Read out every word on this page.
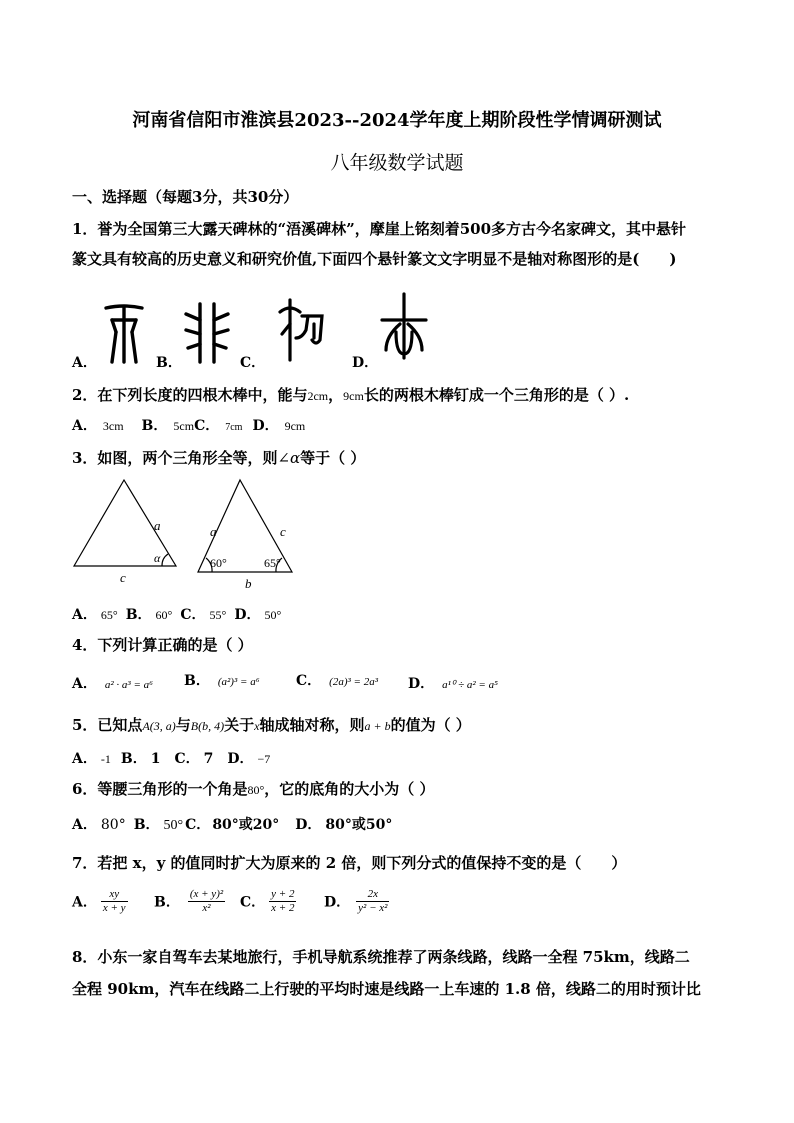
河南省信阳市淮滨县2023--2024学年度上期阶段性学情调研测试
八年级数学试题
一、选择题（每题3分，共30分）
1．誉为全国第三大露天碑林的“浯溪碑林”，摩崖上铭刻着500多方古今名家碑文，其中悬针
篆文具有较高的历史意义和研究价值,下面四个悬针篆文文字明显不是轴对称图形的是(　　)
A．	B．	C．	D．
2．在下列长度的四根木棒中，能与2cm，9cm长的两根木棒钉成一个三角形的是（ ）.
A． 3cm B． 5cmC． 7cm D． 9cm
3．如图，两个三角形全等，则∠α等于（ ）
a
α
c
a	c
60°	65°
b
A． 65° B． 60° C． 55° D． 50°
4．下列计算正确的是（ ）
A． a² · a³ = a⁶ B． (a²)³ = a⁶	C． (2a)³ = 2a³ D． a¹⁰ ÷ a² = a⁵
5．已知点A(3, a)与B(b, 4)关于x轴成轴对称，则a + b的值为（ ）
A． -1 B． 1 C． 7 D． −7
6．等腰三角形的一个角是80°，它的底角的大小为（ ）
A． 80° B． 50° C． 80°或20° D． 80°或50°
7．若把 x，y 的值同时扩大为原来的 2 倍，则下列分式的值保持不变的是（　　）
A． $\frac{xy}{x + y}$ B． $\frac{\text{(x + y)²}}{\text{x²}}$ C． $\frac{y + 2}{x + 2}$ D． $\frac{2x}{\text{y² − x²}}$
8．小东一家自驾车去某地旅行，手机导航系统推荐了两条线路，线路一全程 75km，线路二
全程 90km，汽车在线路二上行驶的平均时速是线路一上车速的 1.8 倍，线路二的用时预计比
